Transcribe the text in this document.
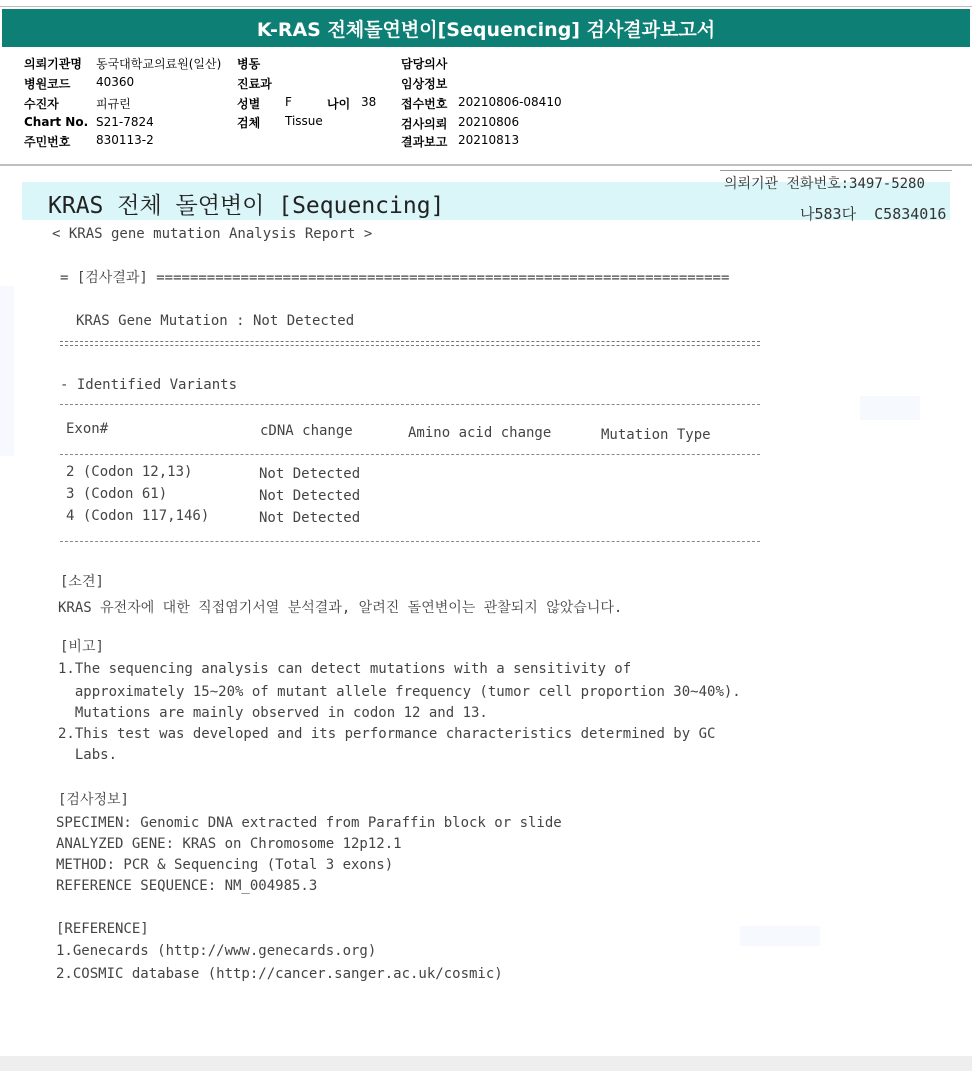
K-RAS 전체돌연변이[Sequencing] 검사결과보고서
의뢰기관명 동국대학교의료원(일산)
병원코드 40360
수진자	피규린
Chart No. S21-7824
주민번호 830113-2
병동
진료과
성별 F	나이 38
검체 Tissue
담당의사
임상정보
접수번호 20210806-08410
검사의뢰 20210806
결과보고 20210813
의뢰기관 전화번호:3497-5280
KRAS 전체 돌연변이 [Sequencing]	나583다  C5834016
< KRAS gene mutation Analysis Report >
= [검사결과] ====================================================================
KRAS Gene Mutation : Not Detected
- Identified Variants
Exon#	cDNA change	Amino acid change	Mutation Type
2 (Codon 12,13)	Not Detected
3 (Codon 61)	Not Detected
4 (Codon 117,146)	Not Detected
[소견]
KRAS 유전자에 대한 직접염기서열 분석결과, 알려진 돌연변이는 관찰되지 않았습니다.
[비고]
1.The sequencing analysis can detect mutations with a sensitivity of
approximately 15~20% of mutant allele frequency (tumor cell proportion 30~40%).
Mutations are mainly observed in codon 12 and 13.
2.This test was developed and its performance characteristics determined by GC
Labs.
[검사정보]
SPECIMEN: Genomic DNA extracted from Paraffin block or slide
ANALYZED GENE: KRAS on Chromosome 12p12.1
METHOD: PCR & Sequencing (Total 3 exons)
REFERENCE SEQUENCE: NM_004985.3
[REFERENCE]
1.Genecards (http://www.genecards.org)
2.COSMIC database (http://cancer.sanger.ac.uk/cosmic)
